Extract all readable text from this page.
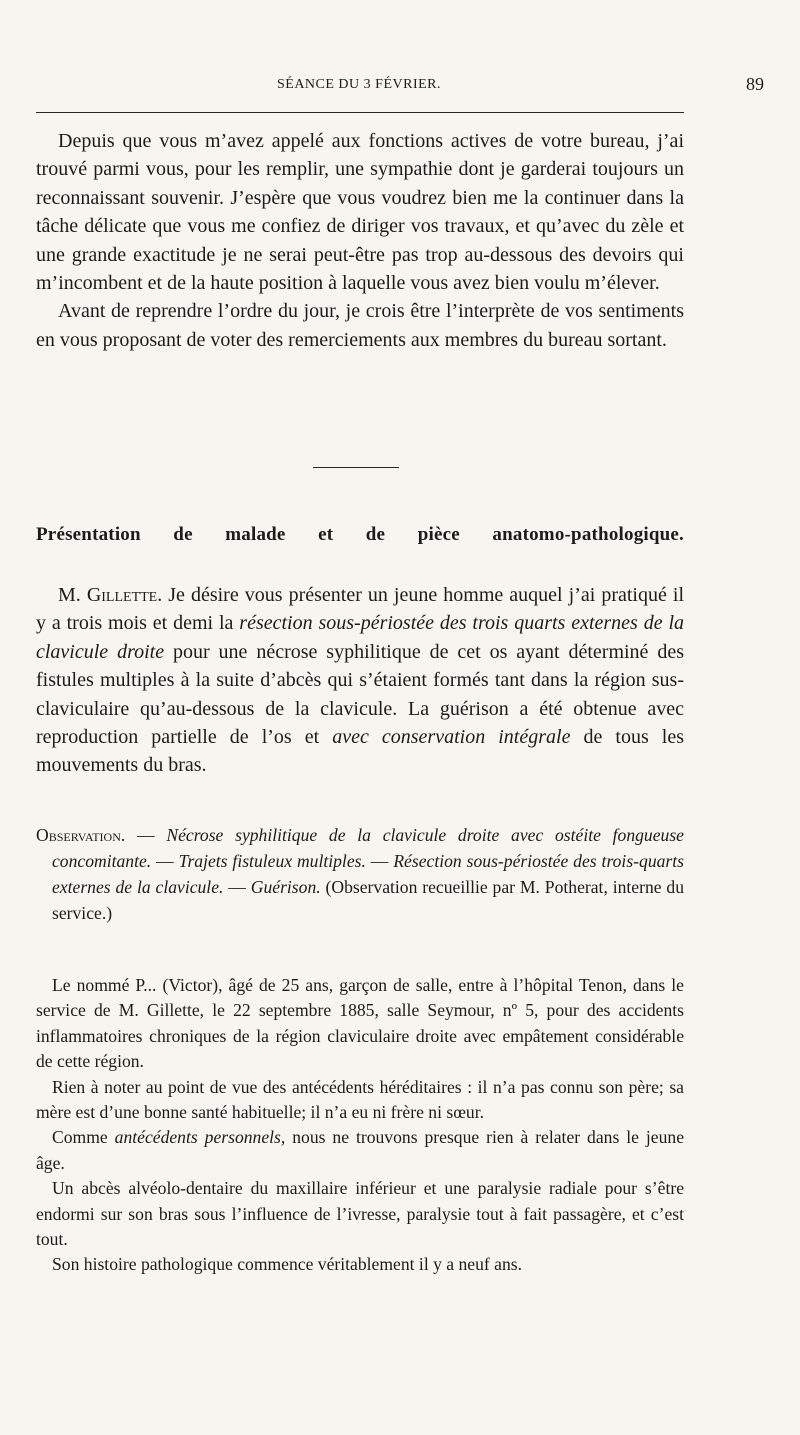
SÉANCE DU 3 FÉVRIER.	89

Depuis que vous m’avez appelé aux fonctions actives de votre bureau, j’ai trouvé parmi vous, pour les remplir, une sympathie dont je garderai toujours un reconnaissant souvenir. J’espère que vous voudrez bien me la continuer dans la tâche délicate que vous me confiez de diriger vos travaux, et qu’avec du zèle et une grande exactitude je ne serai peut-être pas trop au-dessous des devoirs qui m’incombent et de la haute position à laquelle vous avez bien voulu m’élever.

Avant de reprendre l’ordre du jour, je crois être l’interprète de vos sentiments en vous proposant de voter des remerciements aux membres du bureau sortant.

Présentation de malade et de pièce anatomo-pathologique.

M. Gillette. Je désire vous présenter un jeune homme auquel j’ai pratiqué il y a trois mois et demi la résection sous-périostée des trois quarts externes de la clavicule droite pour une nécrose syphilitique de cet os ayant déterminé des fistules multiples à la suite d’abcès qui s’étaient formés tant dans la région sus-claviculaire qu’au-dessous de la clavicule. La guérison a été obtenue avec reproduction partielle de l’os et avec conservation intégrale de tous les mouvements du bras.

Observation. — Nécrose syphilitique de la clavicule droite avec ostéite fongueuse concomitante. — Trajets fistuleux multiples. — Résection sous-périostée des trois-quarts externes de la clavicule. — Guérison. (Observation recueillie par M. Potherat, interne du service.)

Le nommé P... (Victor), âgé de 25 ans, garçon de salle, entre à l’hôpital Tenon, dans le service de M. Gillette, le 22 septembre 1885, salle Seymour, nº 5, pour des accidents inflammatoires chroniques de la région claviculaire droite avec empâtement considérable de cette région.

Rien à noter au point de vue des antécédents héréditaires : il n’a pas connu son père; sa mère est d’une bonne santé habituelle; il n’a eu ni frère ni sœur.

Comme antécédents personnels, nous ne trouvons presque rien à relater dans le jeune âge.

Un abcès alvéolo-dentaire du maxillaire inférieur et une paralysie radiale pour s’être endormi sur son bras sous l’influence de l’ivresse, paralysie tout à fait passagère, et c’est tout.

Son histoire pathologique commence véritablement il y a neuf ans.
